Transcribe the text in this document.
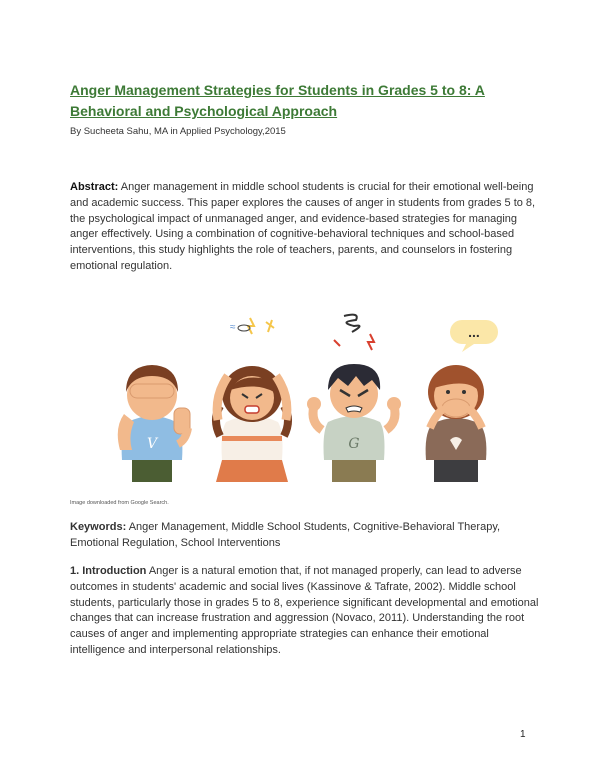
Anger Management Strategies for Students in Grades 5 to 8: A Behavioral and Psychological Approach
By Sucheeta Sahu, MA in Applied Psychology,2015

Abstract: Anger management in middle school students is crucial for their emotional well-being and academic success. This paper explores the causes of anger in students from grades 5 to 8, the psychological impact of unmanaged anger, and evidence-based strategies for managing anger effectively. Using a combination of cognitive-behavioral techniques and school-based interventions, this study highlights the role of teachers, parents, and counselors in fostering emotional regulation.

V
≈
G
...
Image downloaded from Google Search.

Keywords: Anger Management, Middle School Students, Cognitive-Behavioral Therapy, Emotional Regulation, School Interventions

1. Introduction Anger is a natural emotion that, if not managed properly, can lead to adverse outcomes in students' academic and social lives (Kassinove & Tafrate, 2002). Middle school students, particularly those in grades 5 to 8, experience significant developmental and emotional changes that can increase frustration and aggression (Novaco, 2011). Understanding the root causes of anger and implementing appropriate strategies can enhance their emotional intelligence and interpersonal relationships.

1
